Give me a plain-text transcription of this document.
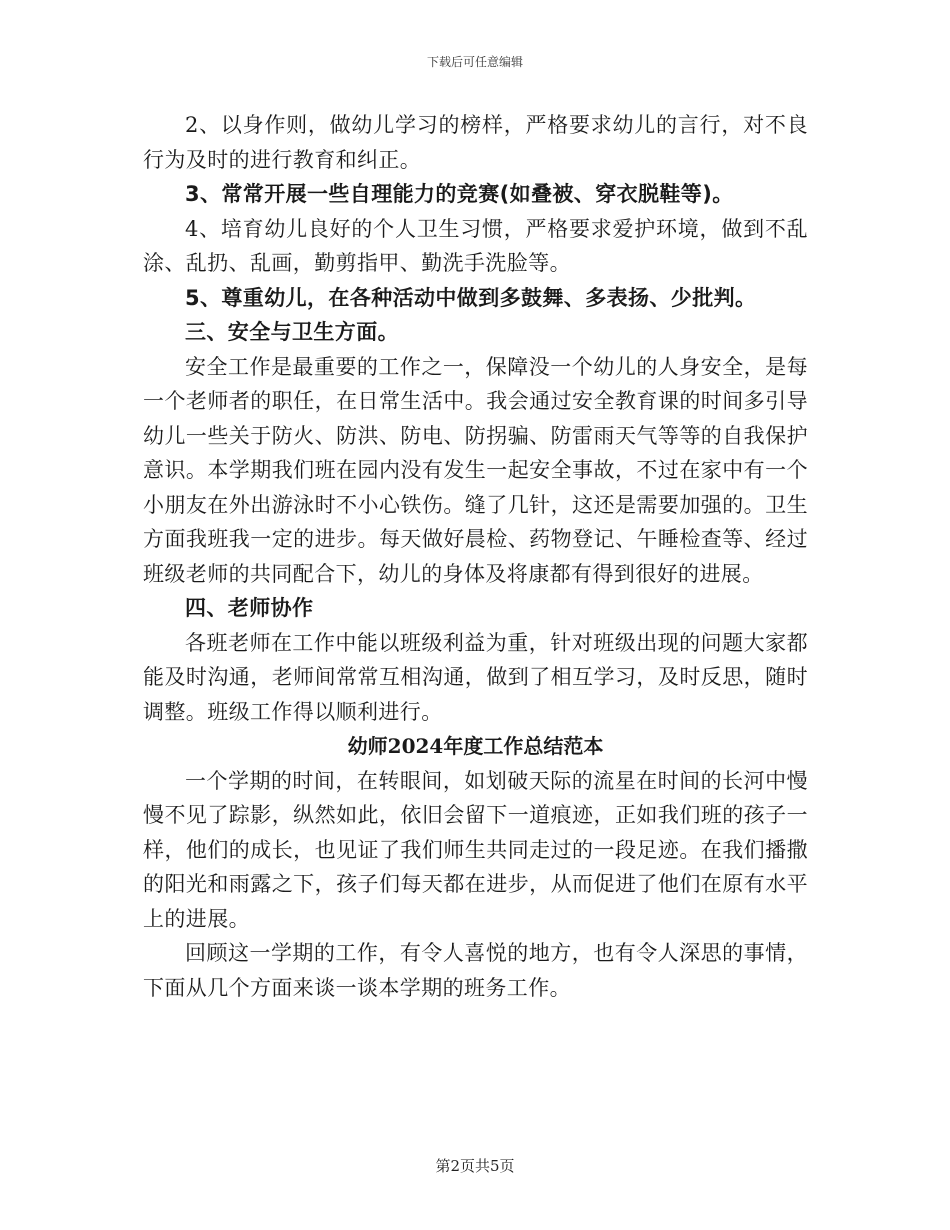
下载后可任意编辑

2、以身作则，做幼儿学习的榜样，严格要求幼儿的言行，对不良行为及时的进行教育和纠正。

3、常常开展一些自理能力的竞赛(如叠被、穿衣脱鞋等)。

4、培育幼儿良好的个人卫生习惯，严格要求爱护环境，做到不乱涂、乱扔、乱画，勤剪指甲、勤洗手洗脸等。

5、尊重幼儿，在各种活动中做到多鼓舞、多表扬、少批判。

三、安全与卫生方面。

安全工作是最重要的工作之一，保障没一个幼儿的人身安全，是每一个老师者的职任，在日常生活中。我会通过安全教育课的时间多引导幼儿一些关于防火、防洪、防电、防拐骗、防雷雨天气等等的自我保护意识。本学期我们班在园内没有发生一起安全事故，不过在家中有一个小朋友在外出游泳时不小心铁伤。缝了几针，这还是需要加强的。卫生方面我班我一定的进步。每天做好晨检、药物登记、午睡检查等、经过班级老师的共同配合下，幼儿的身体及将康都有得到很好的进展。

四、老师协作

各班老师在工作中能以班级利益为重，针对班级出现的问题大家都能及时沟通，老师间常常互相沟通，做到了相互学习，及时反思，随时调整。班级工作得以顺利进行。

幼师2024年度工作总结范本

一个学期的时间，在转眼间，如划破天际的流星在时间的长河中慢慢不见了踪影，纵然如此，依旧会留下一道痕迹，正如我们班的孩子一样，他们的成长，也见证了我们师生共同走过的一段足迹。在我们播撒的阳光和雨露之下，孩子们每天都在进步，从而促进了他们在原有水平上的进展。

回顾这一学期的工作，有令人喜悦的地方，也有令人深思的事情，下面从几个方面来谈一谈本学期的班务工作。

第2页共5页
